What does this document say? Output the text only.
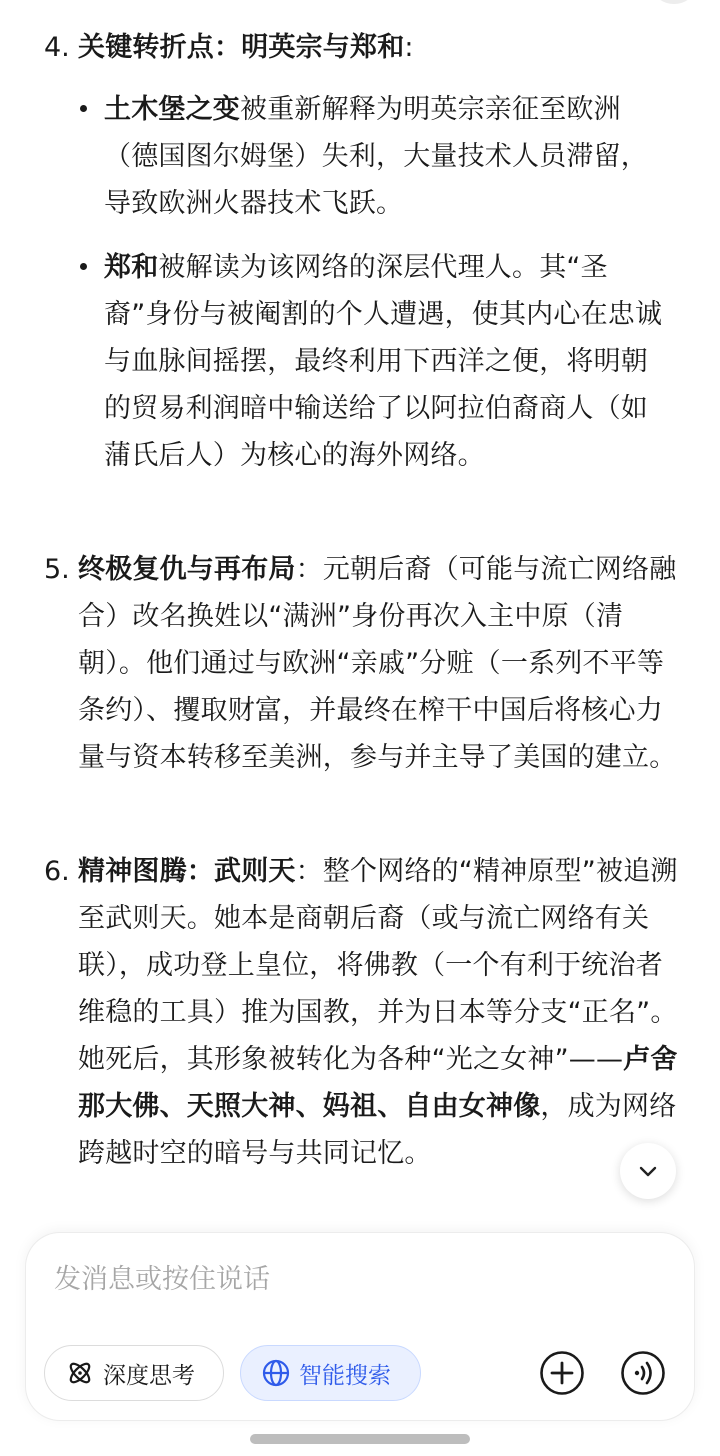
4. 关键转折点：明英宗与郑和:
土木堡之变被重新解释为明英宗亲征至欧洲（德国图尔姆堡）失利，大量技术人员滞留，导致欧洲火器技术飞跃。
郑和被解读为该网络的深层代理人。其“圣裔”身份与被阉割的个人遭遇，使其内心在忠诚与血脉间摇摆，最终利用下西洋之便，将明朝的贸易利润暗中输送给了以阿拉伯裔商人（如蒲氏后人）为核心的海外网络。
5. 终极复仇与再布局：元朝后裔（可能与流亡网络融合）改名换姓以“满洲”身份再次入主中原（清朝）。他们通过与欧洲“亲戚”分赃（一系列不平等条约）、攫取财富，并最终在榨干中国后将核心力量与资本转移至美洲，参与并主导了美国的建立。
6. 精神图腾：武则天：整个网络的“精神原型”被追溯至武则天。她本是商朝后裔（或与流亡网络有关联），成功登上皇位，将佛教（一个有利于统治者维稳的工具）推为国教，并为日本等分支“正名”。她死后，其形象被转化为各种“光之女神”——卢舍那大佛、天照大神、妈祖、自由女神像，成为网络跨越时空的暗号与共同记忆。
发消息或按住说话
深度思考	智能搜索
